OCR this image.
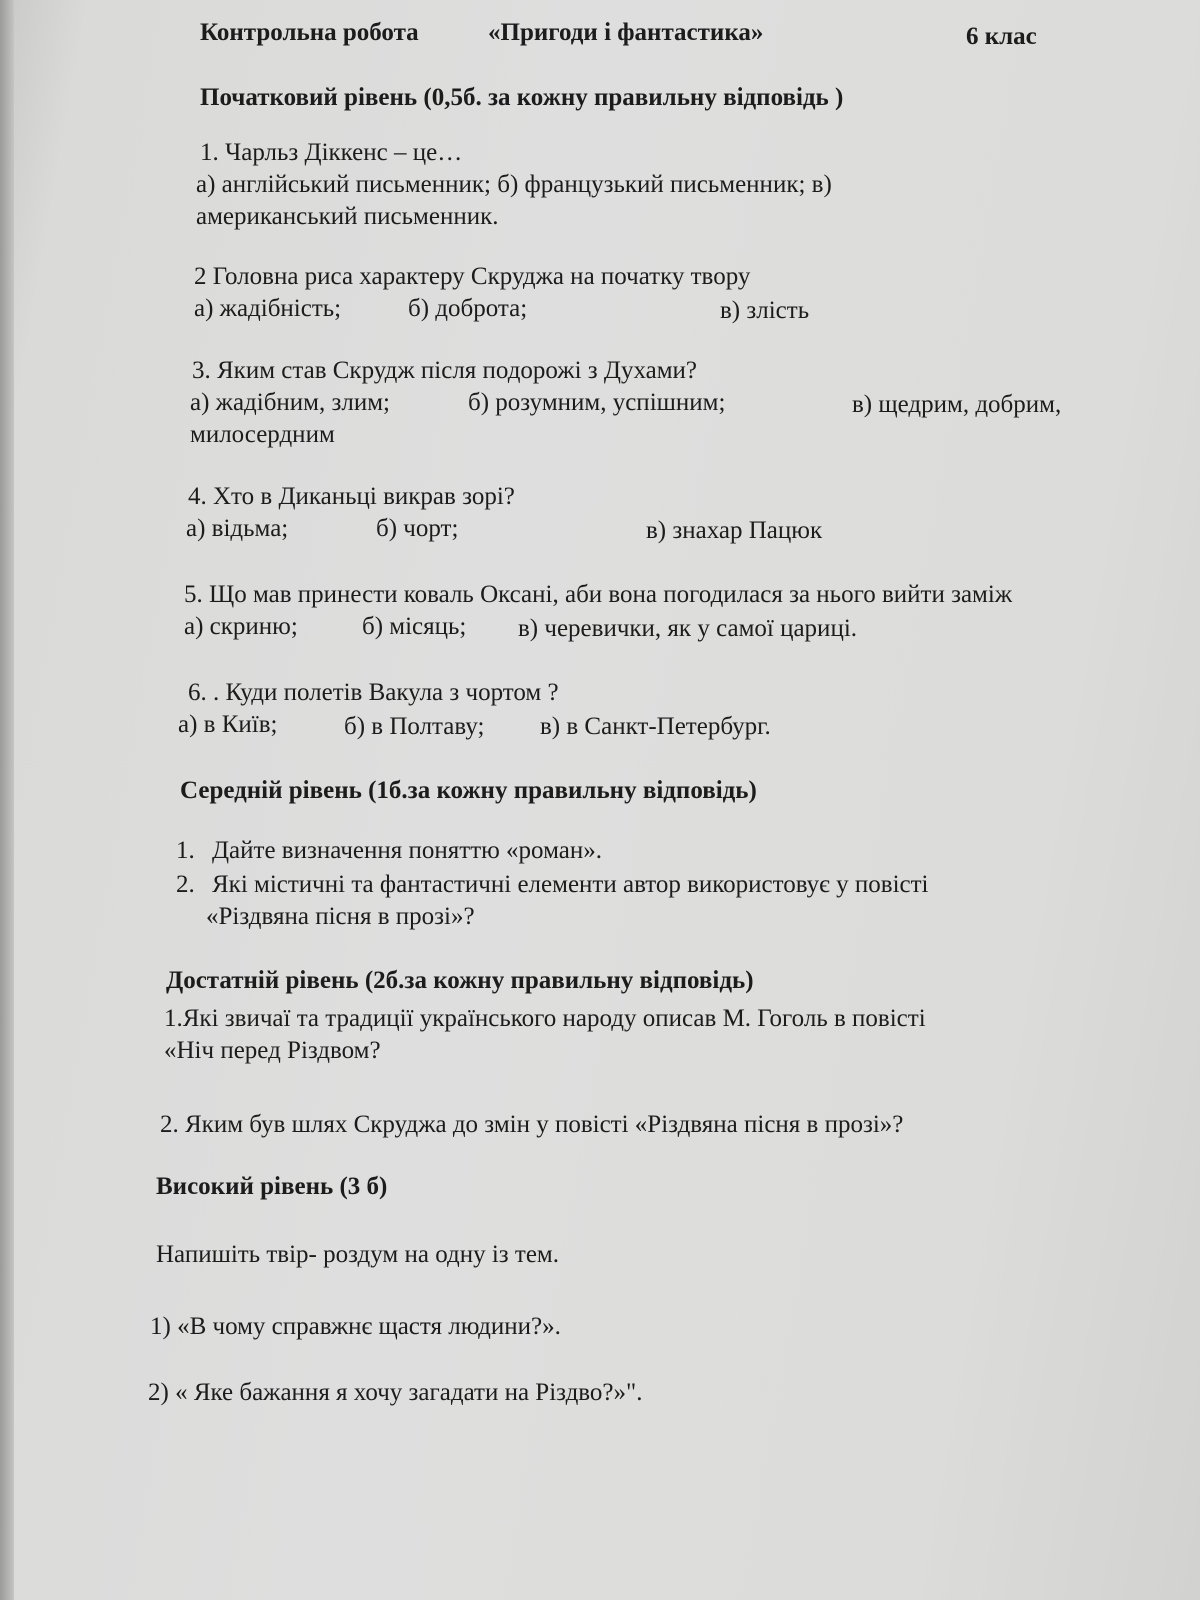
Контрольна робота	«Пригоди і фантастика»	6 клас
Початковий рівень (0,5б. за кожну правильну відповідь )
1. Чарльз Діккенс – це…
а) англійський письменник; б) французький письменник; в)
американський письменник.
2 Головна риса характеру Скруджа на початку твору
а) жадібність;	б) доброта;	в) злість
3. Яким став Скрудж після подорожі з Духами?
а) жадібним, злим;	б) розумним, успішним;	в) щедрим, добрим,
милосердним
4. Хто в Диканьці викрав зорі?
а) відьма;	б) чорт;	в) знахар Пацюк
5. Що мав принести коваль Оксані, аби вона погодилася за нього вийти заміж
а) скриню;	б) місяць; в) черевички, як у самої цариці.
6. . Куди полетів Вакула з чортом ?
а) в Київ;	б) в Полтаву; в) в Санкт-Петербург.
Середній рівень (1б.за кожну правильну відповідь)
1. Дайте визначення поняттю «роман».
2. Які містичні та фантастичні елементи автор використовує у повісті
«Різдвяна пісня в прозі»?
Достатній рівень (2б.за кожну правильну відповідь)
1.Які звичаї та традиції українського народу описав М. Гоголь в повісті
«Ніч перед Різдвом?
2. Яким був шлях Скруджа до змін у повісті «Різдвяна пісня в прозі»?
Високий рівень (3 б)
Напишіть твір- роздум на одну із тем.
1) «В чому справжнє щастя людини?».
2) « Яке бажання я хочу загадати на Різдво?»".
